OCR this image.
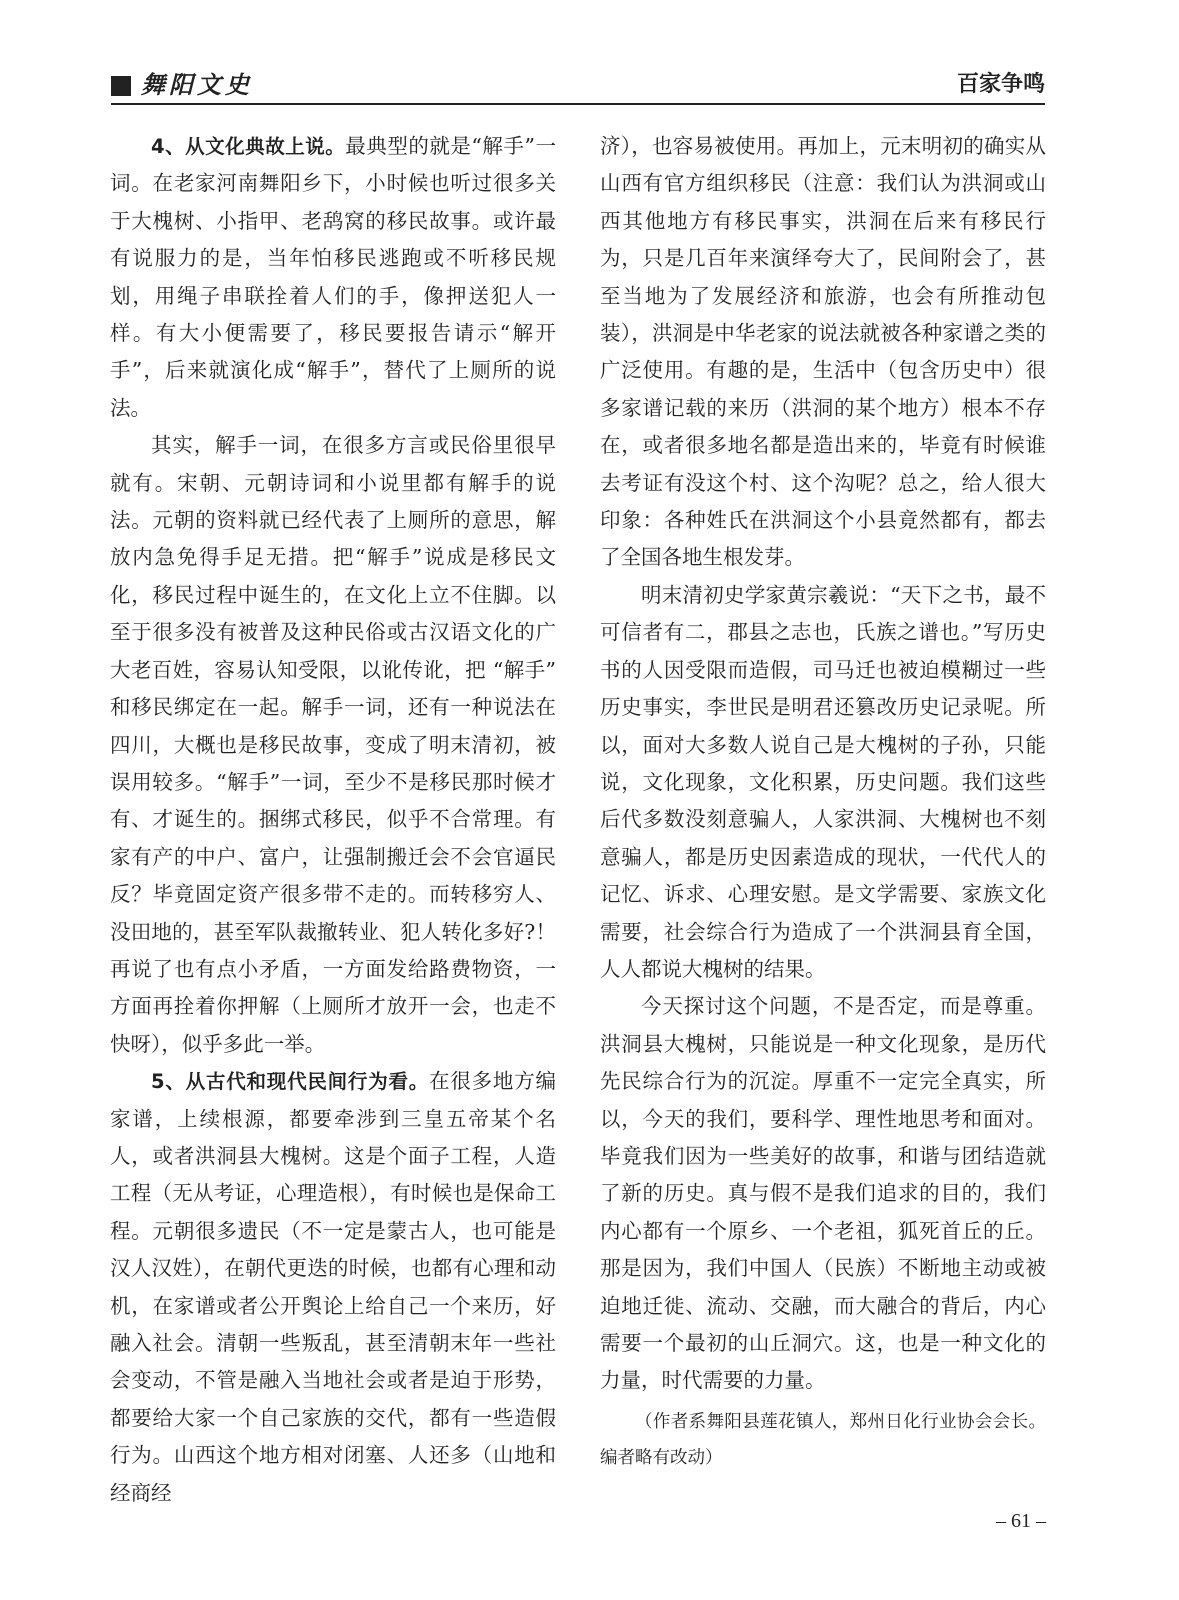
舞阳文史	百家争鸣

4、从文化典故上说。最典型的就是“解手”一词。在老家河南舞阳乡下，小时候也听过很多关于大槐树、小指甲、老鸹窝的移民故事。或许最有说服力的是，当年怕移民逃跑或不听移民规划，用绳子串联拴着人们的手，像押送犯人一样。有大小便需要了，移民要报告请示“解开手”，后来就演化成“解手”，替代了上厕所的说法。

其实，解手一词，在很多方言或民俗里很早就有。宋朝、元朝诗词和小说里都有解手的说法。元朝的资料就已经代表了上厕所的意思，解放内急免得手足无措。把“解手”说成是移民文化，移民过程中诞生的，在文化上立不住脚。以至于很多没有被普及这种民俗或古汉语文化的广大老百姓，容易认知受限，以讹传讹，把 “解手” 和移民绑定在一起。解手一词，还有一种说法在四川，大概也是移民故事，变成了明末清初，被误用较多。“解手”一词，至少不是移民那时候才有、才诞生的。捆绑式移民，似乎不合常理。有家有产的中户、富户，让强制搬迁会不会官逼民反？毕竟固定资产很多带不走的。而转移穷人、没田地的，甚至军队裁撤转业、犯人转化多好?！再说了也有点小矛盾，一方面发给路费物资，一方面再拴着你押解（上厕所才放开一会，也走不快呀），似乎多此一举。

5、从古代和现代民间行为看。在很多地方编家谱，上续根源，都要牵涉到三皇五帝某个名人，或者洪洞县大槐树。这是个面子工程，人造工程（无从考证，心理造根），有时候也是保命工程。元朝很多遗民（不一定是蒙古人，也可能是汉人汉姓），在朝代更迭的时候，也都有心理和动机，在家谱或者公开舆论上给自己一个来历，好融入社会。清朝一些叛乱，甚至清朝末年一些社会变动，不管是融入当地社会或者是迫于形势，都要给大家一个自己家族的交代，都有一些造假行为。山西这个地方相对闭塞、人还多（山地和经商经

济），也容易被使用。再加上，元末明初的确实从山西有官方组织移民（注意：我们认为洪洞或山西其他地方有移民事实，洪洞在后来有移民行为，只是几百年来演绎夸大了，民间附会了，甚至当地为了发展经济和旅游，也会有所推动包装），洪洞是中华老家的说法就被各种家谱之类的广泛使用。有趣的是，生活中（包含历史中）很多家谱记载的来历（洪洞的某个地方）根本不存在，或者很多地名都是造出来的，毕竟有时候谁去考证有没这个村、这个沟呢？总之，给人很大印象：各种姓氏在洪洞这个小县竟然都有，都去了全国各地生根发芽。

明末清初史学家黄宗羲说：“天下之书，最不可信者有二，郡县之志也，氏族之谱也。”写历史书的人因受限而造假，司马迁也被迫模糊过一些历史事实，李世民是明君还篡改历史记录呢。所以，面对大多数人说自己是大槐树的子孙，只能说，文化现象，文化积累，历史问题。我们这些后代多数没刻意骗人，人家洪洞、大槐树也不刻意骗人，都是历史因素造成的现状，一代代人的记忆、诉求、心理安慰。是文学需要、家族文化需要，社会综合行为造成了一个洪洞县育全国，人人都说大槐树的结果。

今天探讨这个问题，不是否定，而是尊重。洪洞县大槐树，只能说是一种文化现象，是历代先民综合行为的沉淀。厚重不一定完全真实，所以，今天的我们，要科学、理性地思考和面对。毕竟我们因为一些美好的故事，和谐与团结造就了新的历史。真与假不是我们追求的目的，我们内心都有一个原乡、一个老祖，狐死首丘的丘。那是因为，我们中国人（民族）不断地主动或被迫地迁徙、流动、交融，而大融合的背后，内心需要一个最初的山丘洞穴。这，也是一种文化的力量，时代需要的力量。

（作者系舞阳县莲花镇人，郑州日化行业协会会长。编者略有改动）

– 61 –
